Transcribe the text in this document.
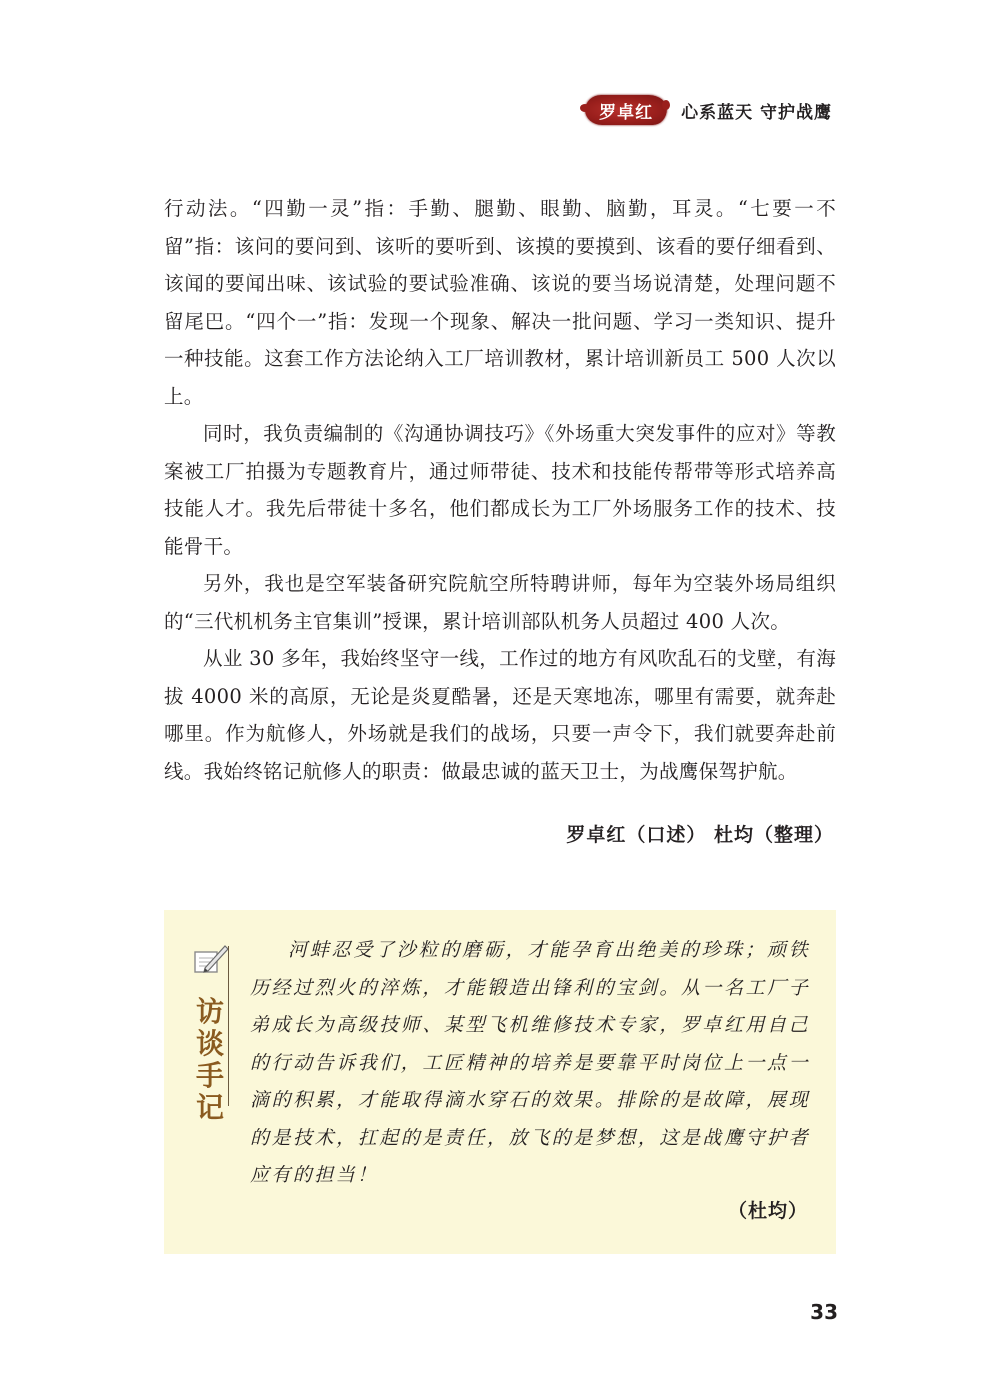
罗卓红	心系蓝天 守护战鹰

行动法。“四勤一灵”指：手勤、腿勤、眼勤、脑勤，耳灵。“七要一不留”指：该问的要问到、该听的要听到、该摸的要摸到、该看的要仔细看到、该闻的要闻出味、该试验的要试验准确、该说的要当场说清楚，处理问题不留尾巴。“四个一”指：发现一个现象、解决一批问题、学习一类知识、提升一种技能。这套工作方法论纳入工厂培训教材，累计培训新员工 500 人次以上。

同时，我负责编制的《沟通协调技巧》《外场重大突发事件的应对》等教案被工厂拍摄为专题教育片，通过师带徒、技术和技能传帮带等形式培养高技能人才。我先后带徒十多名，他们都成长为工厂外场服务工作的技术、技能骨干。

另外，我也是空军装备研究院航空所特聘讲师，每年为空装外场局组织的“三代机机务主官集训”授课，累计培训部队机务人员超过 400 人次。

从业 30 多年，我始终坚守一线，工作过的地方有风吹乱石的戈壁，有海拔 4000 米的高原，无论是炎夏酷暑，还是天寒地冻，哪里有需要，就奔赴哪里。作为航修人，外场就是我们的战场，只要一声令下，我们就要奔赴前线。我始终铭记航修人的职责：做最忠诚的蓝天卫士，为战鹰保驾护航。

罗卓红（口述） 杜均（整理）
访
谈
手
记
河蚌忍受了沙粒的磨砺，才能孕育出绝美的珍珠；顽铁历经过烈火的淬炼，才能锻造出锋利的宝剑。从一名工厂子弟成长为高级技师、某型飞机维修技术专家，罗卓红用自己的行动告诉我们，工匠精神的培养是要靠平时岗位上一点一滴的积累，才能取得滴水穿石的效果。排除的是故障，展现的是技术，扛起的是责任，放飞的是梦想，这是战鹰守护者应有的担当！
（杜均）
33
